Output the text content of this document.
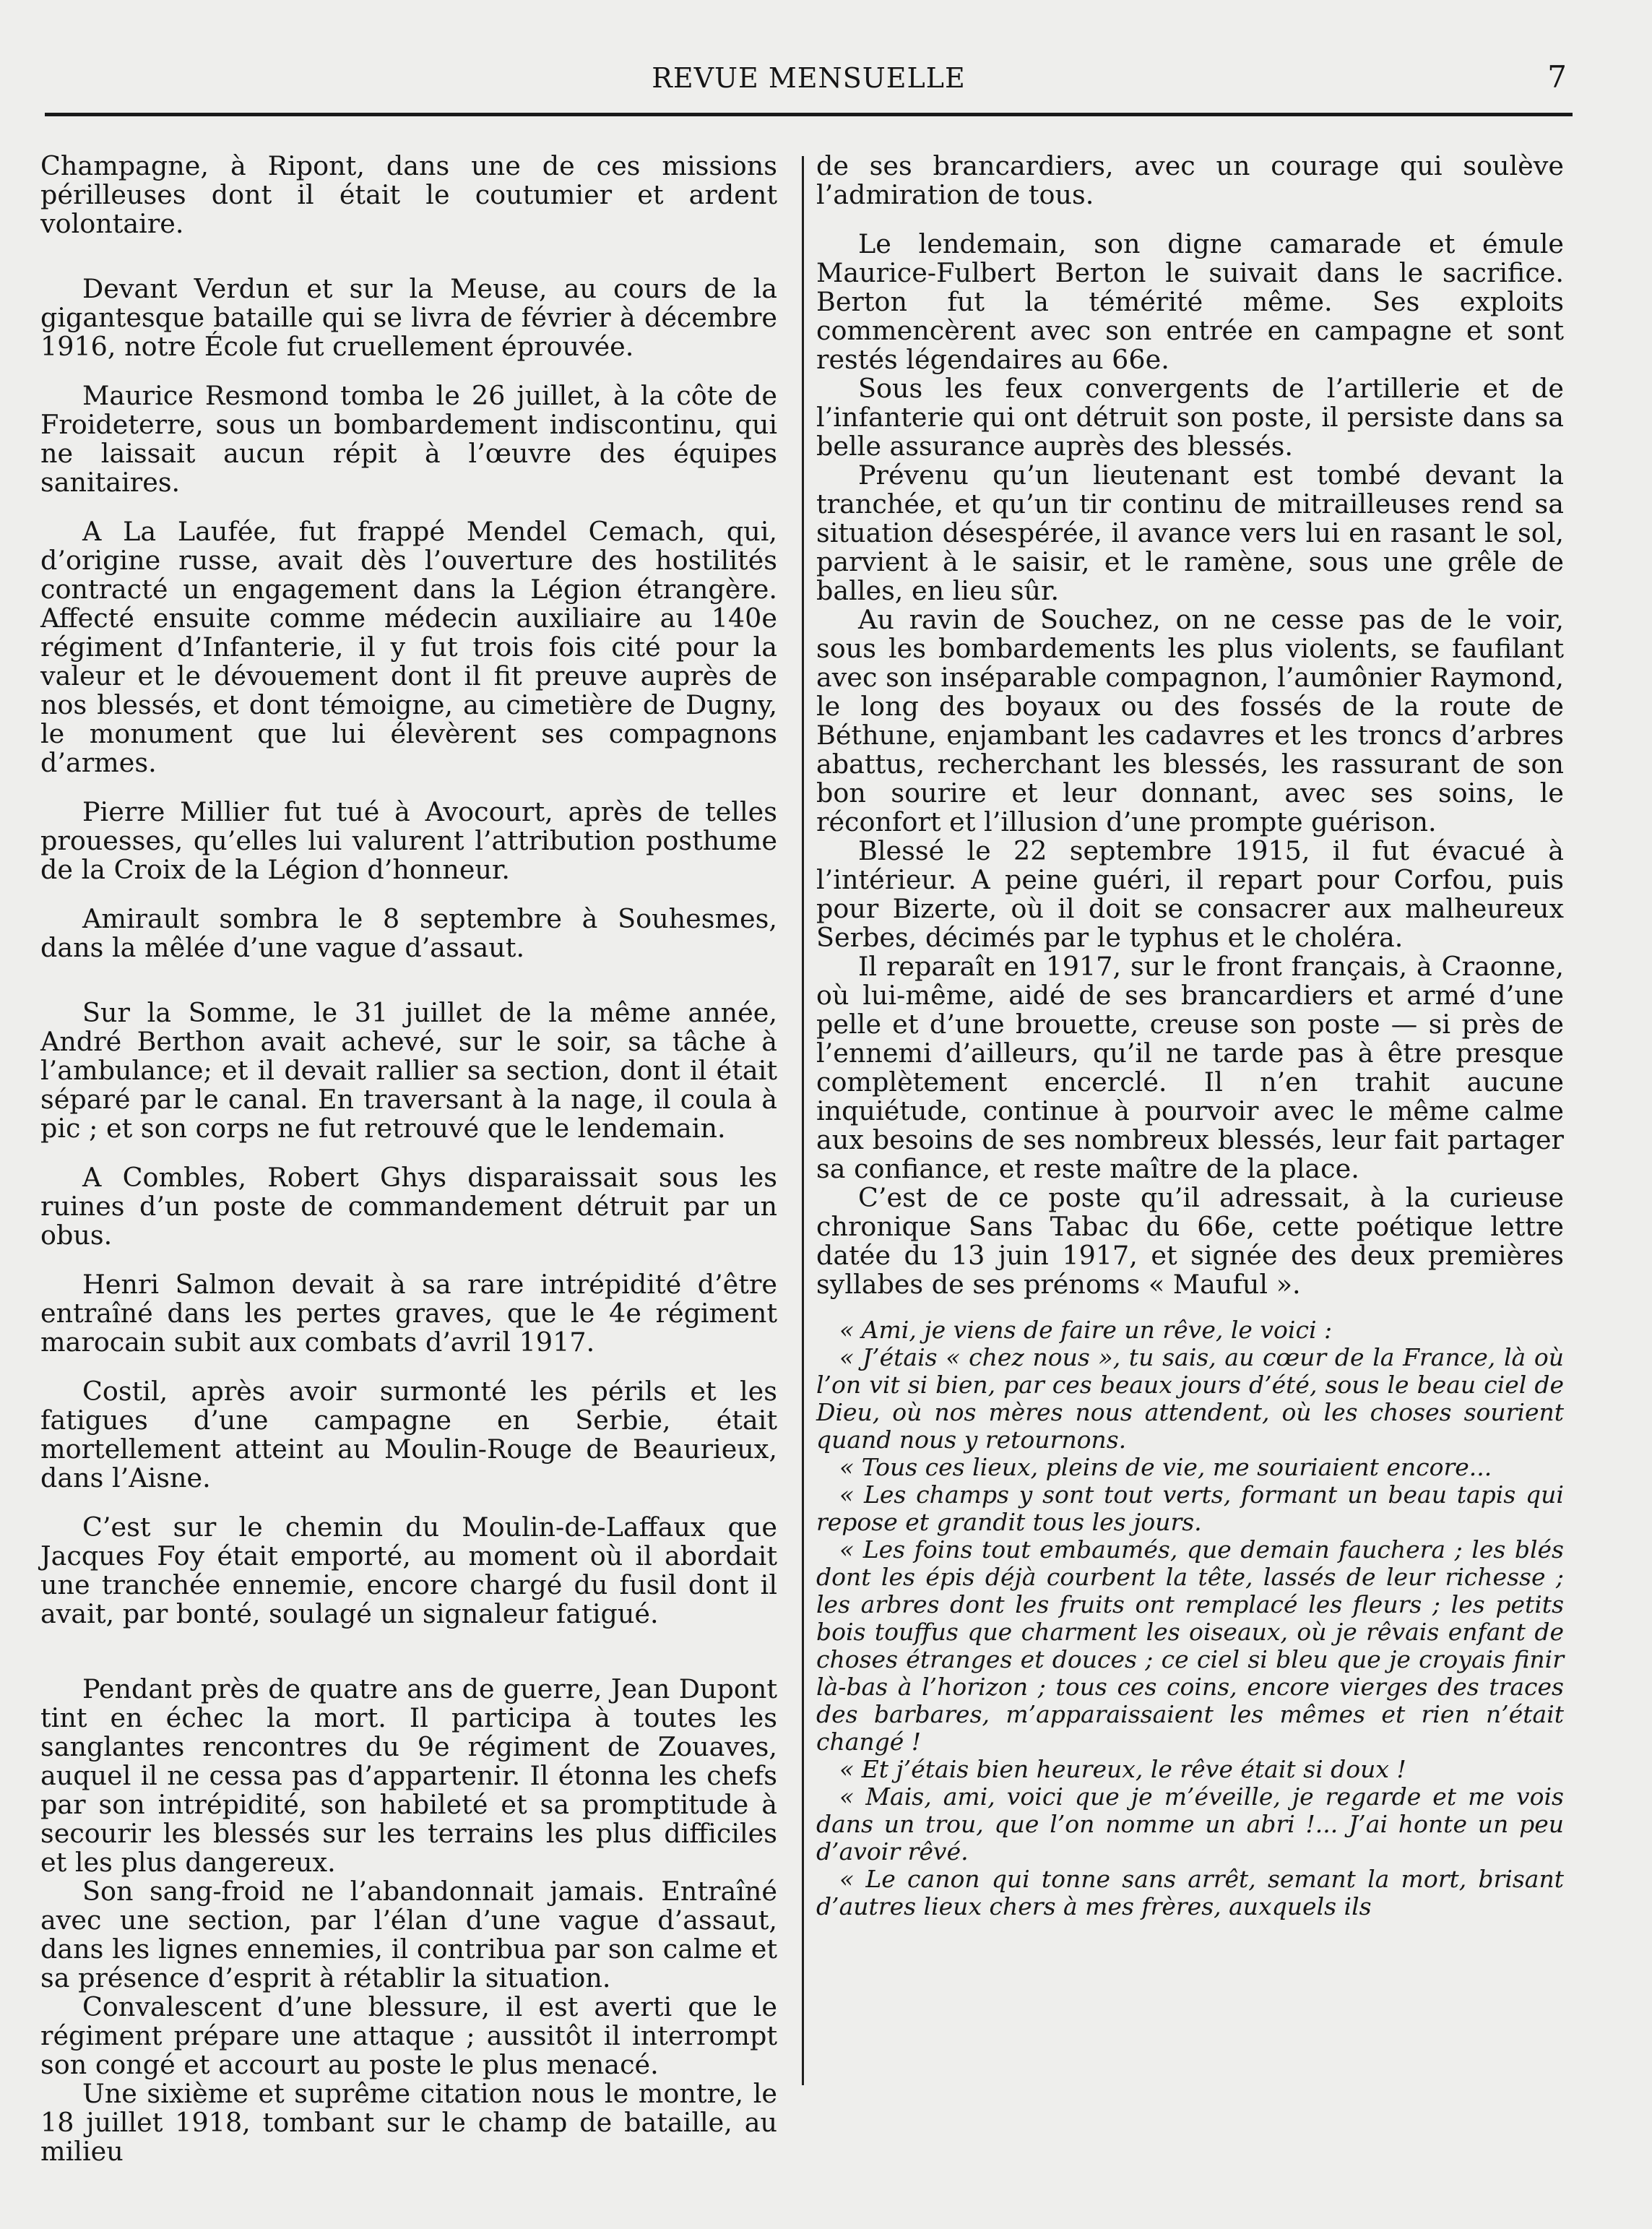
REVUE MENSUELLE	7

Champagne, à Ripont, dans une de ces missions périlleuses dont il était le coutumier et ardent volontaire.

Devant Verdun et sur la Meuse, au cours de la gigantesque bataille qui se livra de février à décembre 1916, notre École fut cruellement éprouvée.

Maurice Resmond tomba le 26 juillet, à la côte de Froideterre, sous un bombardement indiscontinu, qui ne laissait aucun répit à l’œuvre des équipes sanitaires.

A La Laufée, fut frappé Mendel Cemach, qui, d’origine russe, avait dès l’ouverture des hostilités contracté un engagement dans la Légion étrangère. Affecté ensuite comme médecin auxiliaire au 140e régiment d’Infanterie, il y fut trois fois cité pour la valeur et le dévouement dont il fit preuve auprès de nos blessés, et dont témoigne, au cimetière de Dugny, le monument que lui élevèrent ses compagnons d’armes.

Pierre Millier fut tué à Avocourt, après de telles prouesses, qu’elles lui valurent l’attribution posthume de la Croix de la Légion d’honneur.

Amirault sombra le 8 septembre à Souhesmes, dans la mêlée d’une vague d’assaut.

Sur la Somme, le 31 juillet de la même année, André Berthon avait achevé, sur le soir, sa tâche à l’ambulance; et il devait rallier sa section, dont il était séparé par le canal. En traversant à la nage, il coula à pic ; et son corps ne fut retrouvé que le lendemain.

A Combles, Robert Ghys disparaissait sous les ruines d’un poste de commandement détruit par un obus.

Henri Salmon devait à sa rare intrépidité d’être entraîné dans les pertes graves, que le 4e régiment marocain subit aux combats d’avril 1917.

Costil, après avoir surmonté les périls et les fatigues d’une campagne en Serbie, était mortellement atteint au Moulin-Rouge de Beaurieux, dans l’Aisne.

C’est sur le chemin du Moulin-de-Laffaux que Jacques Foy était emporté, au moment où il abordait une tranchée ennemie, encore chargé du fusil dont il avait, par bonté, soulagé un signaleur fatigué.

Pendant près de quatre ans de guerre, Jean Dupont tint en échec la mort. Il participa à toutes les sanglantes rencontres du 9e régiment de Zouaves, auquel il ne cessa pas d’appartenir. Il étonna les chefs par son intrépidité, son habileté et sa promptitude à secourir les blessés sur les terrains les plus difficiles et les plus dangereux.

Son sang-froid ne l’abandonnait jamais. Entraîné avec une section, par l’élan d’une vague d’assaut, dans les lignes ennemies, il contribua par son calme et sa présence d’esprit à rétablir la situation.

Convalescent d’une blessure, il est averti que le régiment prépare une attaque ; aussitôt il interrompt son congé et accourt au poste le plus menacé.

Une sixième et suprême citation nous le montre, le 18 juillet 1918, tombant sur le champ de bataille, au milieu

de ses brancardiers, avec un courage qui soulève l’admiration de tous.

Le lendemain, son digne camarade et émule Maurice-Fulbert Berton le suivait dans le sacrifice. Berton fut la témérité même. Ses exploits commencèrent avec son entrée en campagne et sont restés légendaires au 66e.

Sous les feux convergents de l’artillerie et de l’infanterie qui ont détruit son poste, il persiste dans sa belle assurance auprès des blessés.

Prévenu qu’un lieutenant est tombé devant la tranchée, et qu’un tir continu de mitrailleuses rend sa situation désespérée, il avance vers lui en rasant le sol, parvient à le saisir, et le ramène, sous une grêle de balles, en lieu sûr.

Au ravin de Souchez, on ne cesse pas de le voir, sous les bombardements les plus violents, se faufilant avec son inséparable compagnon, l’aumônier Raymond, le long des boyaux ou des fossés de la route de Béthune, enjambant les cadavres et les troncs d’arbres abattus, recherchant les blessés, les rassurant de son bon sourire et leur donnant, avec ses soins, le réconfort et l’illusion d’une prompte guérison.

Blessé le 22 septembre 1915, il fut évacué à l’intérieur. A peine guéri, il repart pour Corfou, puis pour Bizerte, où il doit se consacrer aux malheureux Serbes, décimés par le typhus et le choléra.

Il reparaît en 1917, sur le front français, à Craonne, où lui-même, aidé de ses brancardiers et armé d’une pelle et d’une brouette, creuse son poste — si près de l’ennemi d’ailleurs, qu’il ne tarde pas à être presque complètement encerclé. Il n’en trahit aucune inquiétude, continue à pourvoir avec le même calme aux besoins de ses nombreux blessés, leur fait partager sa confiance, et reste maître de la place.

C’est de ce poste qu’il adressait, à la curieuse chronique Sans Tabac du 66e, cette poétique lettre datée du 13 juin 1917, et signée des deux premières syllabes de ses prénoms « Mauful ».

« Ami, je viens de faire un rêve, le voici :

« J’étais « chez nous », tu sais, au cœur de la France, là où l’on vit si bien, par ces beaux jours d’été, sous le beau ciel de Dieu, où nos mères nous attendent, où les choses sourient quand nous y retournons.

« Tous ces lieux, pleins de vie, me souriaient encore...

« Les champs y sont tout verts, formant un beau tapis qui repose et grandit tous les jours.

« Les foins tout embaumés, que demain fauchera ; les blés dont les épis déjà courbent la tête, lassés de leur richesse ; les arbres dont les fruits ont remplacé les fleurs ; les petits bois touffus que charment les oiseaux, où je rêvais enfant de choses étranges et douces ; ce ciel si bleu que je croyais finir là-bas à l’horizon ; tous ces coins, encore vierges des traces des barbares, m’apparaissaient les mêmes et rien n’était changé !

« Et j’étais bien heureux, le rêve était si doux !

« Mais, ami, voici que je m’éveille, je regarde et me vois dans un trou, que l’on nomme un abri !... J’ai honte un peu d’avoir rêvé.

« Le canon qui tonne sans arrêt, semant la mort, brisant d’autres lieux chers à mes frères, auxquels ils
